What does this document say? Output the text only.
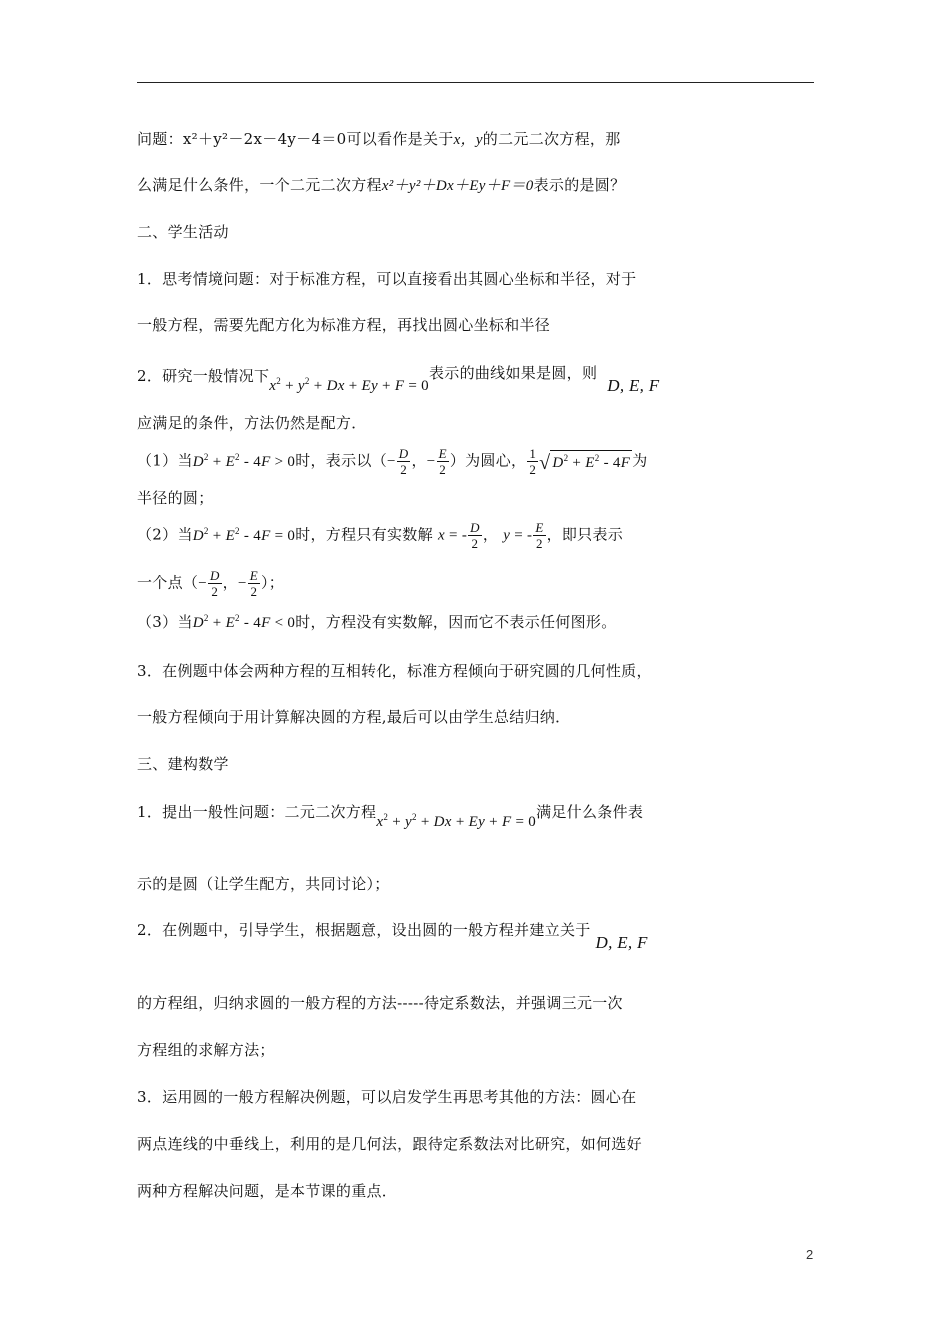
问题：x²＋y²－2x－4y－4＝0可以看作是关于x，y的二元二次方程，那
么满足什么条件，一个二元二次方程x²＋y²＋Dx＋Ey＋F＝0表示的是圆？
二、学生活动
1．思考情境问题：对于标准方程，可以直接看出其圆心坐标和半径，对于
一般方程，需要先配方化为标准方程，再找出圆心坐标和半径
2．研究一般情况下$x^2 + y^2 + Dx + Ey + F = 0$表示的曲线如果是圆，则D, E, F
应满足的条件，方法仍然是配方．
（1）当$D^2 + E^2 - 4F > 0$时，表示以（− $\frac{D}{2}$ ，− $\frac{E}{2}$ ）为圆心， $\frac{1}{2}$ √ $D^2 + E^2 - 4F$ 为
半径的圆；
（2）当$D^2 + E^2 - 4F = 0$时，方程只有实数解 x = - $\frac{D}{2}$ ， y = - $\frac{E}{2}$ ，即只表示
一个点（− $\frac{D}{2}$ ，− $\frac{E}{2}$ ）；
（3）当$D^2 + E^2 - 4F < 0$时，方程没有实数解，因而它不表示任何图形。
3．在例题中体会两种方程的互相转化，标准方程倾向于研究圆的几何性质，
一般方程倾向于用计算解决圆的方程,最后可以由学生总结归纳．
三、建构数学
1．提出一般性问题：二元二次方程$x^2 + y^2 + Dx + Ey + F = 0$满足什么条件表
示的是圆（让学生配方，共同讨论）；
2．在例题中，引导学生，根据题意，设出圆的一般方程并建立关于D, E, F
的方程组，归纳求圆的一般方程的方法-----待定系数法，并强调三元一次
方程组的求解方法；
3．运用圆的一般方程解决例题，可以启发学生再思考其他的方法：圆心在
两点连线的中垂线上，利用的是几何法，跟待定系数法对比研究，如何选好
两种方程解决问题，是本节课的重点．
2
